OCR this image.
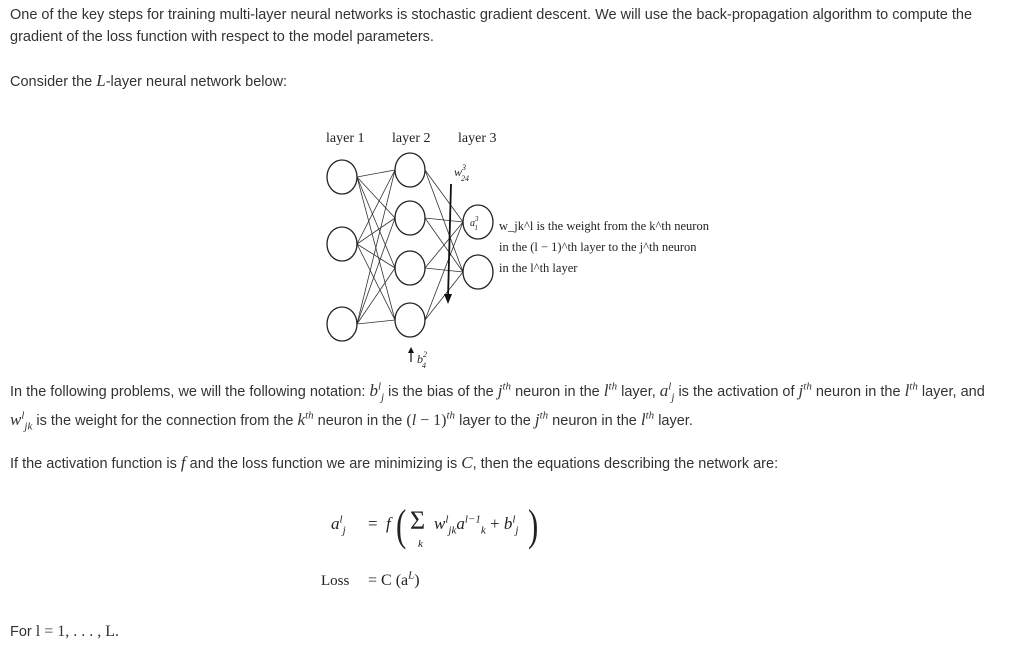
One of the key steps for training multi-layer neural networks is stochastic gradient descent. We will use the back-propagation algorithm to compute the gradient of the loss function with respect to the model parameters.

Consider the L-layer neural network below:

layer 1 layer 2 layer 3
$w^3$ 24
$b^2$ 4
$a^3$ 1 w_jk^l is the weight from the k^th neuron
in the (l − 1)^th layer to the j^th neuron
in the l^th layer

In the following problems, we will the following notation: $b^l_j$ is the bias of the $j^{th}$ neuron in the $l^{th}$ layer, $a^l_j$ is the activation of $j^{th}$ neuron in the $l^{th}$ layer, and $w^l_{jk}$ is the weight for the connection from the $k^{th}$ neuron in the $(l - 1)^{th}$ layer to the $j^{th}$ neuron in the $l^{th}$ layer.

If the activation function is f and the loss function we are minimizing is C, then the equations describing the network are:

$a^l_j = f$ ( Σ
k
$w^l_{jk}a^{l-1}_k + b^l_j$ )
Loss = C $(a^L)$

For l = 1, . . . , L.
